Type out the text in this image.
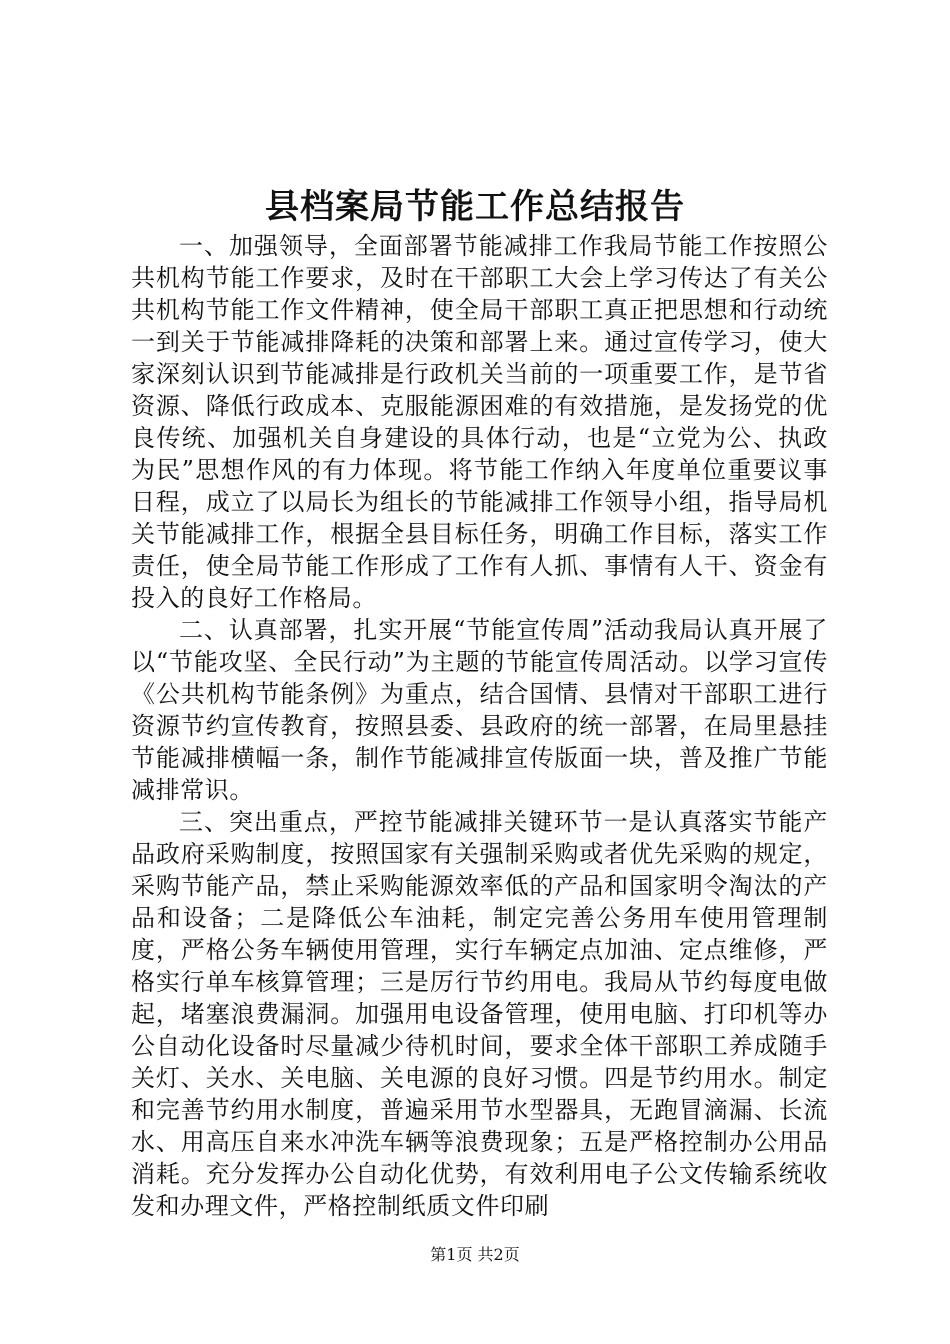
县档案局节能工作总结报告

一、加强领导，全面部署节能减排工作我局节能工作按照公共机构节能工作要求，及时在干部职工大会上学习传达了有关公共机构节能工作文件精神，使全局干部职工真正把思想和行动统一到关于节能减排降耗的决策和部署上来。通过宣传学习，使大家深刻认识到节能减排是行政机关当前的一项重要工作，是节省资源、降低行政成本、克服能源困难的有效措施，是发扬党的优良传统、加强机关自身建设的具体行动，也是“立党为公、执政为民”思想作风的有力体现。将节能工作纳入年度单位重要议事日程，成立了以局长为组长的节能减排工作领导小组，指导局机关节能减排工作，根据全县目标任务，明确工作目标，落实工作责任，使全局节能工作形成了工作有人抓、事情有人干、资金有投入的良好工作格局。

二、认真部署，扎实开展“节能宣传周”活动我局认真开展了以“节能攻坚、全民行动”为主题的节能宣传周活动。以学习宣传《公共机构节能条例》为重点，结合国情、县情对干部职工进行资源节约宣传教育，按照县委、县政府的统一部署，在局里悬挂节能减排横幅一条，制作节能减排宣传版面一块，普及推广节能减排常识。

三、突出重点，严控节能减排关键环节一是认真落实节能产品政府采购制度，按照国家有关强制采购或者优先采购的规定，采购节能产品，禁止采购能源效率低的产品和国家明令淘汰的产品和设备；二是降低公车油耗，制定完善公务用车使用管理制度，严格公务车辆使用管理，实行车辆定点加油、定点维修，严格实行单车核算管理；三是厉行节约用电。我局从节约每度电做起，堵塞浪费漏洞。加强用电设备管理，使用电脑、打印机等办公自动化设备时尽量减少待机时间，要求全体干部职工养成随手关灯、关水、关电脑、关电源的良好习惯。四是节约用水。制定和完善节约用水制度，普遍采用节水型器具，无跑冒滴漏、长流水、用高压自来水冲洗车辆等浪费现象；五是严格控制办公用品消耗。充分发挥办公自动化优势，有效利用电子公文传输系统收发和办理文件，严格控制纸质文件印刷

第1页 共2页
